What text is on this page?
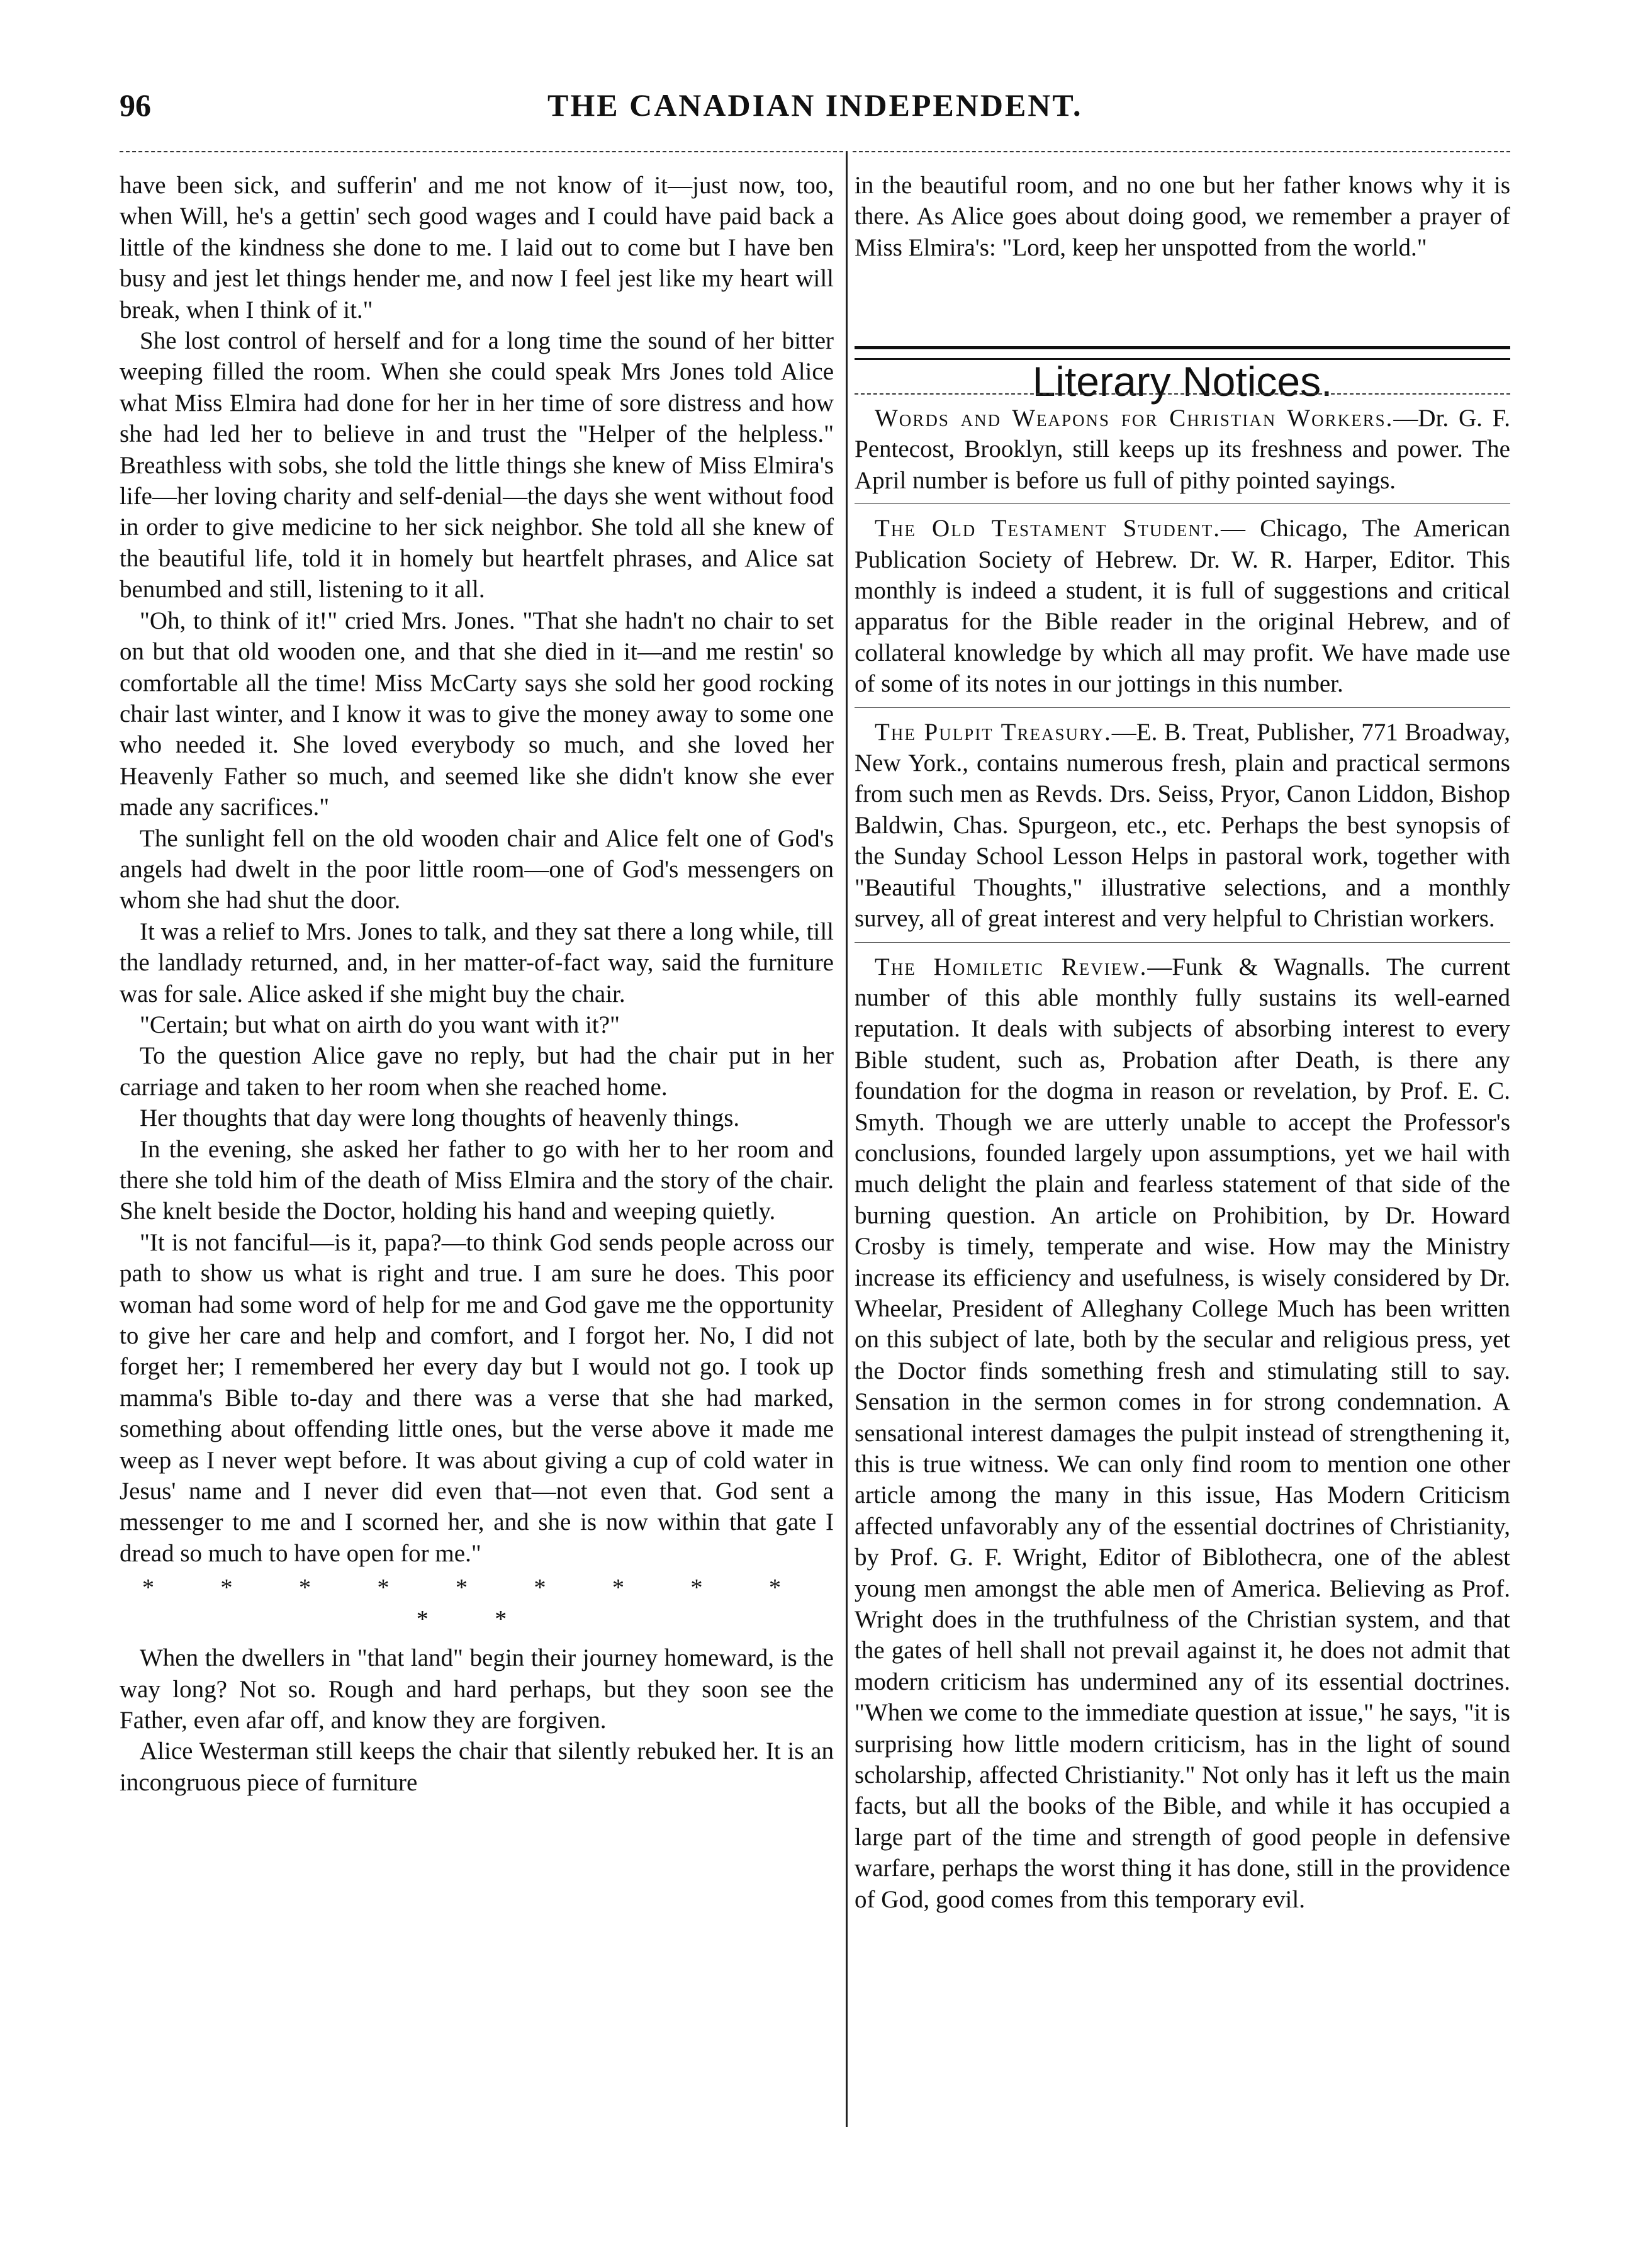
96	THE CANADIAN INDEPENDENT.

have been sick, and sufferin' and me not know of it—just now, too, when Will, he's a gettin' sech good wages and I could have paid back a little of the kindness she done to me. I laid out to come but I have ben busy and jest let things hender me, and now I feel jest like my heart will break, when I think of it."

She lost control of herself and for a long time the sound of her bitter weeping filled the room. When she could speak Mrs Jones told Alice what Miss Elmira had done for her in her time of sore distress and how she had led her to believe in and trust the "Helper of the helpless." Breathless with sobs, she told the little things she knew of Miss Elmira's life—her loving charity and self-denial—the days she went without food in order to give medicine to her sick neighbor. She told all she knew of the beautiful life, told it in homely but heartfelt phrases, and Alice sat benumbed and still, listening to it all.

"Oh, to think of it!" cried Mrs. Jones. "That she hadn't no chair to set on but that old wooden one, and that she died in it—and me restin' so comfortable all the time! Miss McCarty says she sold her good rocking chair last winter, and I know it was to give the money away to some one who needed it. She loved everybody so much, and she loved her Heavenly Father so much, and seemed like she didn't know she ever made any sacrifices."

The sunlight fell on the old wooden chair and Alice felt one of God's angels had dwelt in the poor little room—one of God's messengers on whom she had shut the door.

It was a relief to Mrs. Jones to talk, and they sat there a long while, till the landlady returned, and, in her matter-of-fact way, said the furniture was for sale. Alice asked if she might buy the chair.

"Certain; but what on airth do you want with it?"

To the question Alice gave no reply, but had the chair put in her carriage and taken to her room when she reached home.

Her thoughts that day were long thoughts of heavenly things.

In the evening, she asked her father to go with her to her room and there she told him of the death of Miss Elmira and the story of the chair. She knelt beside the Doctor, holding his hand and weeping quietly.

"It is not fanciful—is it, papa?—to think God sends people across our path to show us what is right and true. I am sure he does. This poor woman had some word of help for me and God gave me the opportunity to give her care and help and comfort, and I forgot her. No, I did not forget her; I remembered her every day but I would not go. I took up mamma's Bible to-day and there was a verse that she had marked, something about offending little ones, but the verse above it made me weep as I never wept before. It was about giving a cup of cold water in Jesus' name and I never did even that—not even that. God sent a messenger to me and I scorned her, and she is now within that gate I dread so much to have open for me."

* * * * * * * * * * *

When the dwellers in "that land" begin their journey homeward, is the way long? Not so. Rough and hard perhaps, but they soon see the Father, even afar off, and know they are forgiven.

Alice Westerman still keeps the chair that silently rebuked her. It is an incongruous piece of furniture

in the beautiful room, and no one but her father knows why it is there. As Alice goes about doing good, we remember a prayer of Miss Elmira's: "Lord, keep her unspotted from the world."

Literary Notices.

Words and Weapons for Christian Workers.—Dr. G. F. Pentecost, Brooklyn, still keeps up its freshness and power. The April number is before us full of pithy pointed sayings.

The Old Testament Student.— Chicago, The American Publication Society of Hebrew. Dr. W. R. Harper, Editor. This monthly is indeed a student, it is full of suggestions and critical apparatus for the Bible reader in the original Hebrew, and of collateral knowledge by which all may profit. We have made use of some of its notes in our jottings in this number.

The Pulpit Treasury.—E. B. Treat, Publisher, 771 Broadway, New York., contains numerous fresh, plain and practical sermons from such men as Revds. Drs. Seiss, Pryor, Canon Liddon, Bishop Baldwin, Chas. Spurgeon, etc., etc. Perhaps the best synopsis of the Sunday School Lesson Helps in pastoral work, together with "Beautiful Thoughts," illustrative selections, and a monthly survey, all of great interest and very helpful to Christian workers.

The Homiletic Review.—Funk & Wagnalls. The current number of this able monthly fully sustains its well-earned reputation. It deals with subjects of absorbing interest to every Bible student, such as, Probation after Death, is there any foundation for the dogma in reason or revelation, by Prof. E. C. Smyth. Though we are utterly unable to accept the Professor's conclusions, founded largely upon assumptions, yet we hail with much delight the plain and fearless statement of that side of the burning question. An article on Prohibition, by Dr. Howard Crosby is timely, temperate and wise. How may the Ministry increase its efficiency and usefulness, is wisely considered by Dr. Wheelar, President of Alleghany College Much has been written on this subject of late, both by the secular and religious press, yet the Doctor finds something fresh and stimulating still to say. Sensation in the sermon comes in for strong condemnation. A sensational interest damages the pulpit instead of strengthening it, this is true witness. We can only find room to mention one other article among the many in this issue, Has Modern Criticism affected unfavorably any of the essential doctrines of Christianity, by Prof. G. F. Wright, Editor of Biblothecra, one of the ablest young men amongst the able men of America. Believing as Prof. Wright does in the truthfulness of the Christian system, and that the gates of hell shall not prevail against it, he does not admit that modern criticism has undermined any of its essential doctrines. "When we come to the immediate question at issue," he says, "it is surprising how little modern criticism, has in the light of sound scholarship, affected Christianity." Not only has it left us the main facts, but all the books of the Bible, and while it has occupied a large part of the time and strength of good people in defensive warfare, perhaps the worst thing it has done, still in the providence of God, good comes from this temporary evil.
